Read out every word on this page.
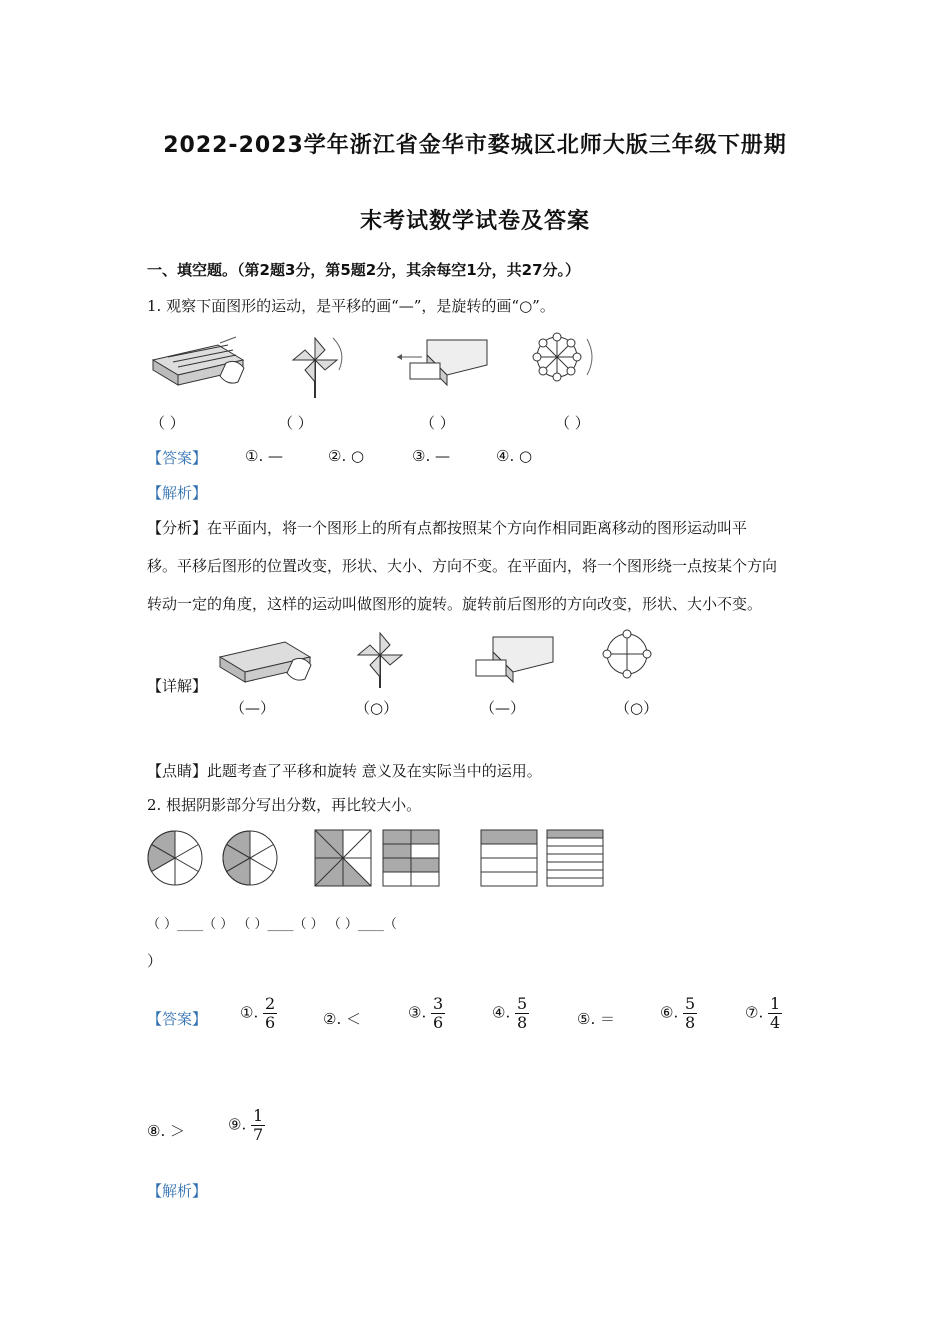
2022-2023学年浙江省金华市婺城区北师大版三年级下册期
末考试数学试卷及答案
一、填空题。（第2题3分，第5题2分，其余每空1分，共27分。）
1. 观察下面图形的运动，是平移的画“—”，是旋转的画“○”。
（ ）	（ ）	（ ）	（ ）
【答案】	①. —	②. ○	③. —	④. ○
【解析】
【分析】在平面内，将一个图形上的所有点都按照某个方向作相同距离移动的图形运动叫平
移。平移后图形的位置改变，形状、大小、方向不变。在平面内，将一个图形绕一点按某个方向
转动一定的角度，这样的运动叫做图形的旋转。旋转前后图形的方向改变，形状、大小不变。
【详解】
（—）	（○）	（—）	（○）
【点睛】此题考查了平移和旋转 意义及在实际当中的运用。
2. 根据阴影部分写出分数，再比较大小。
（ ）____（ ） （ ）____（ ） （ ）____（
）
【答案】 ①. $\frac{2}{6}$	②. ＜	③. $\frac{3}{6}$	④. $\frac{5}{8}$	⑤. ＝	⑥. $\frac{5}{8}$	⑦. $\frac{1}{4}$
⑧. ＞	⑨. $\frac{1}{7}$
【解析】
